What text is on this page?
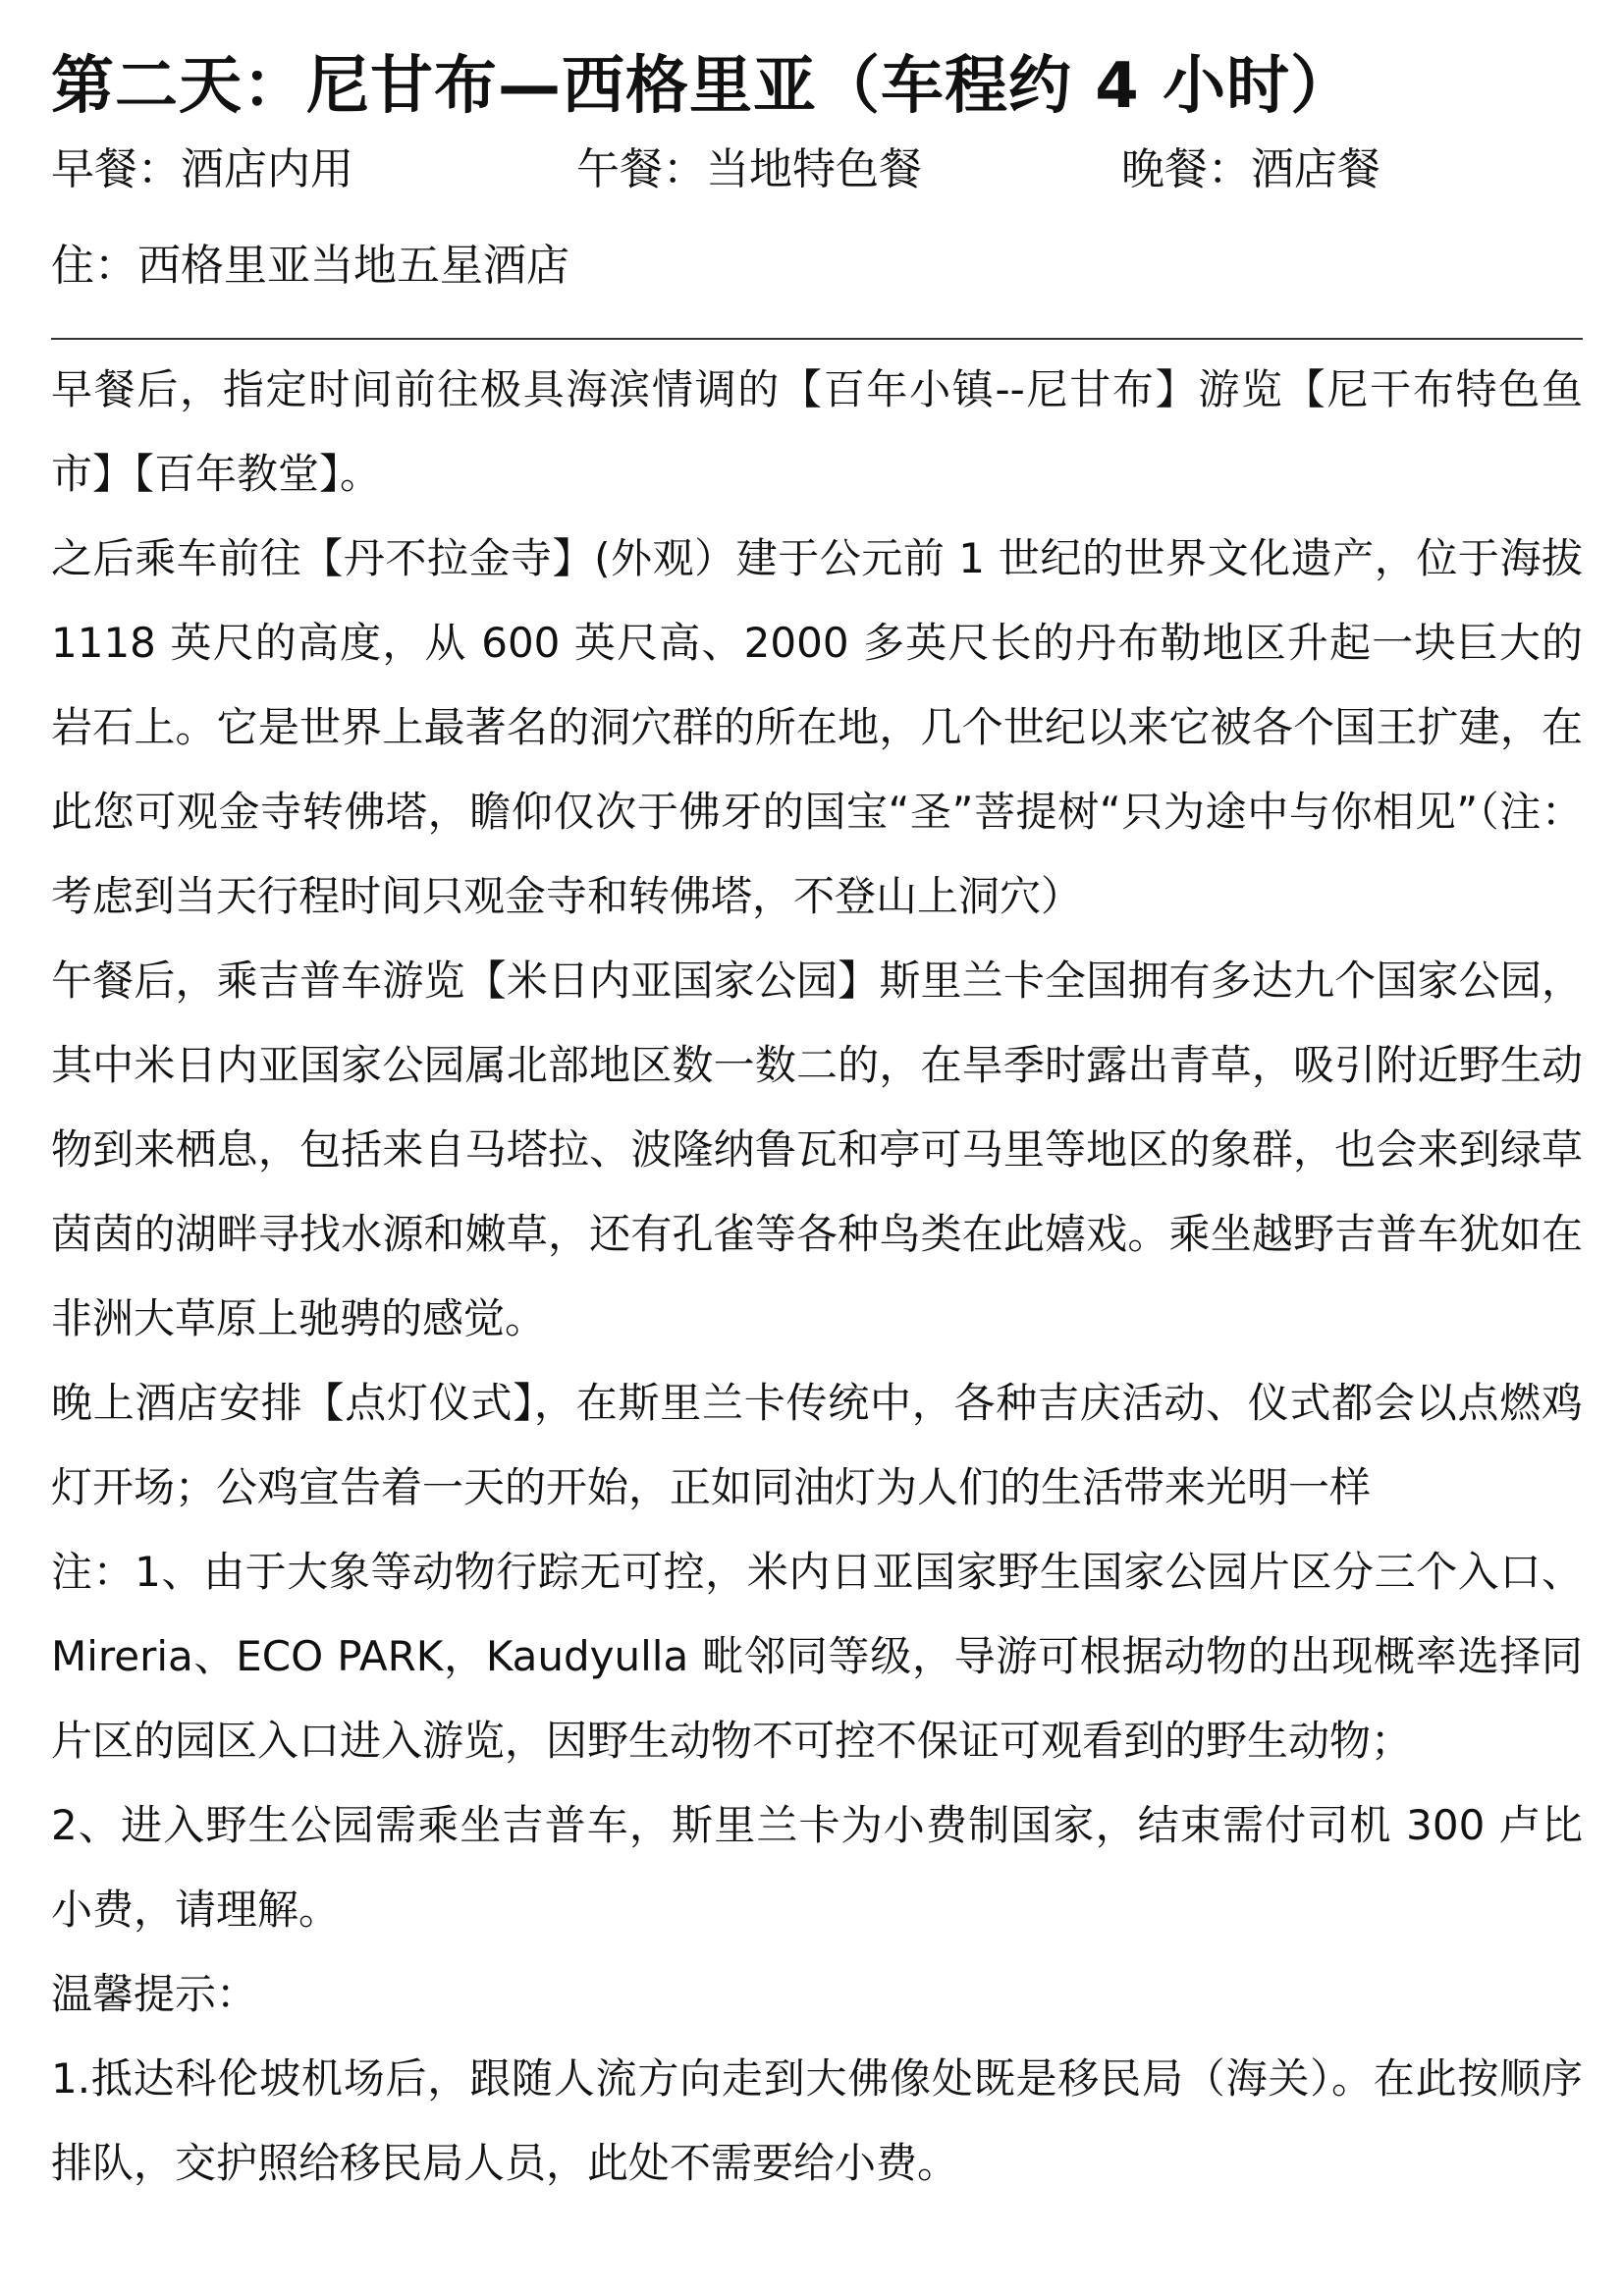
第二天：尼甘布—西格里亚（车程约 4 小时）
早餐：酒店内用	午餐：当地特色餐	晚餐：酒店餐
住：西格里亚当地五星酒店

早餐后，指定时间前往极具海滨情调的【百年小镇--尼甘布】游览【尼干布特色鱼市】【百年教堂】。

之后乘车前往【丹不拉金寺】(外观）建于公元前 1 世纪的世界文化遗产，位于海拔 1118 英尺的高度，从 600 英尺高、2000 多英尺长的丹布勒地区升起一块巨大的岩石上。它是世界上最著名的洞穴群的所在地，几个世纪以来它被各个国王扩建，在此您可观金寺转佛塔，瞻仰仅次于佛牙的国宝“圣”菩提树“只为途中与你相见”（注：考虑到当天行程时间只观金寺和转佛塔，不登山上洞穴）

午餐后，乘吉普车游览【米日内亚国家公园】斯里兰卡全国拥有多达九个国家公园，其中米日内亚国家公园属北部地区数一数二的，在旱季时露出青草，吸引附近野生动物到来栖息，包括来自马塔拉、波隆纳鲁瓦和亭可马里等地区的象群，也会来到绿草茵茵的湖畔寻找水源和嫩草，还有孔雀等各种鸟类在此嬉戏。乘坐越野吉普车犹如在非洲大草原上驰骋的感觉。

晚上酒店安排【点灯仪式】，在斯里兰卡传统中，各种吉庆活动、仪式都会以点燃鸡灯开场；公鸡宣告着一天的开始，正如同油灯为人们的生活带来光明一样

注：1、由于大象等动物行踪无可控，米内日亚国家野生国家公园片区分三个入口、Mireria、ECO PARK，Kaudyulla 毗邻同等级，导游可根据动物的出现概率选择同片区的园区入口进入游览，因野生动物不可控不保证可观看到的野生动物；

2、进入野生公园需乘坐吉普车，斯里兰卡为小费制国家，结束需付司机 300 卢比小费，请理解。

温馨提示：

1.抵达科伦坡机场后，跟随人流方向走到大佛像处既是移民局（海关）。在此按顺序排队，交护照给移民局人员，此处不需要给小费。
